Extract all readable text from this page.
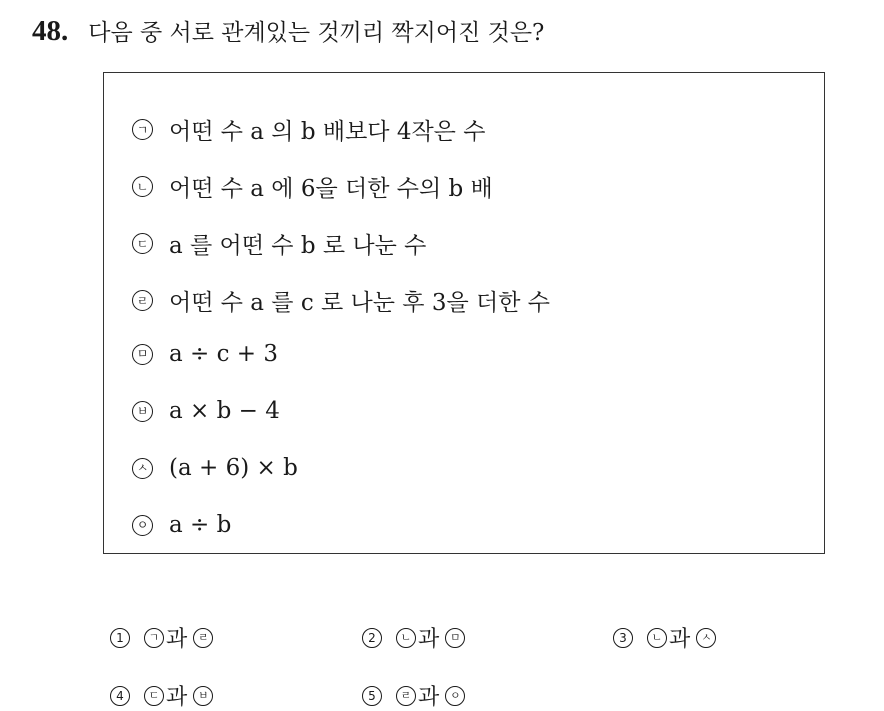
48. 다음 중 서로 관계있는 것끼리 짝지어진 것은?
ㄱ 어떤 수 a 의 b 배보다 4작은 수
ㄴ 어떤 수 a 에 6을 더한 수의 b 배
ㄷ a 를 어떤 수 b 로 나눈 수
ㄹ 어떤 수 a 를 c 로 나눈 후 3을 더한 수
ㅁ a ÷ c + 3
ㅂ a × b − 4
ㅅ (a + 6) × b
ㅇ a ÷ b
1	ㄱ 과 ㄹ	2	ㄴ 과 ㅁ	3	ㄴ 과 ㅅ
4	ㄷ 과 ㅂ	5	ㄹ 과 ㅇ
